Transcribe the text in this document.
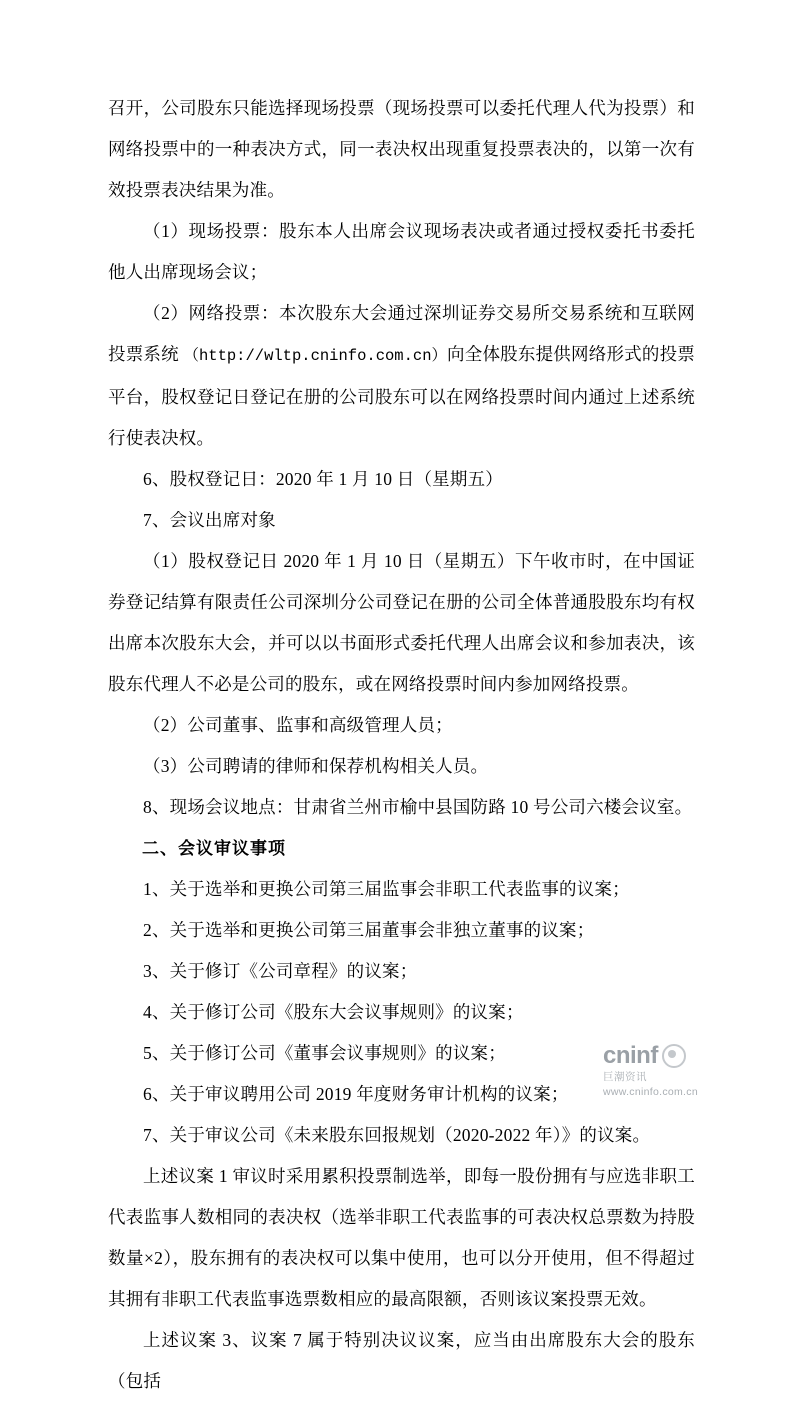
召开，公司股东只能选择现场投票（现场投票可以委托代理人代为投票）和网络投票中的一种表决方式，同一表决权出现重复投票表决的，以第一次有效投票表决结果为准。

（1）现场投票：股东本人出席会议现场表决或者通过授权委托书委托他人出席现场会议；

（2）网络投票：本次股东大会通过深圳证券交易所交易系统和互联网投票系统 （http://wltp.cninfo.com.cn）向全体股东提供网络形式的投票平台，股权登记日登记在册的公司股东可以在网络投票时间内通过上述系统行使表决权。

6、股权登记日：2020 年 1 月 10 日（星期五）

7、会议出席对象

（1）股权登记日 2020 年 1 月 10 日（星期五）下午收市时，在中国证券登记结算有限责任公司深圳分公司登记在册的公司全体普通股股东均有权出席本次股东大会，并可以以书面形式委托代理人出席会议和参加表决，该股东代理人不必是公司的股东，或在网络投票时间内参加网络投票。

（2）公司董事、监事和高级管理人员；

（3）公司聘请的律师和保荐机构相关人员。

8、现场会议地点：甘肃省兰州市榆中县国防路 10 号公司六楼会议室。

二、会议审议事项

1、关于选举和更换公司第三届监事会非职工代表监事的议案；

2、关于选举和更换公司第三届董事会非独立董事的议案；

3、关于修订《公司章程》的议案；

4、关于修订公司《股东大会议事规则》的议案；

5、关于修订公司《董事会议事规则》的议案；

6、关于审议聘用公司 2019 年度财务审计机构的议案；

7、关于审议公司《未来股东回报规划（2020-2022 年）》的议案。

上述议案 1 审议时采用累积投票制选举，即每一股份拥有与应选非职工代表监事人数相同的表决权（选举非职工代表监事的可表决权总票数为持股数量×2），股东拥有的表决权可以集中使用，也可以分开使用，但不得超过其拥有非职工代表监事选票数相应的最高限额，否则该议案投票无效。

上述议案 3、议案 7 属于特别决议议案，应当由出席股东大会的股东（包括

cninf
巨潮资讯
www.cninfo.com.cn
